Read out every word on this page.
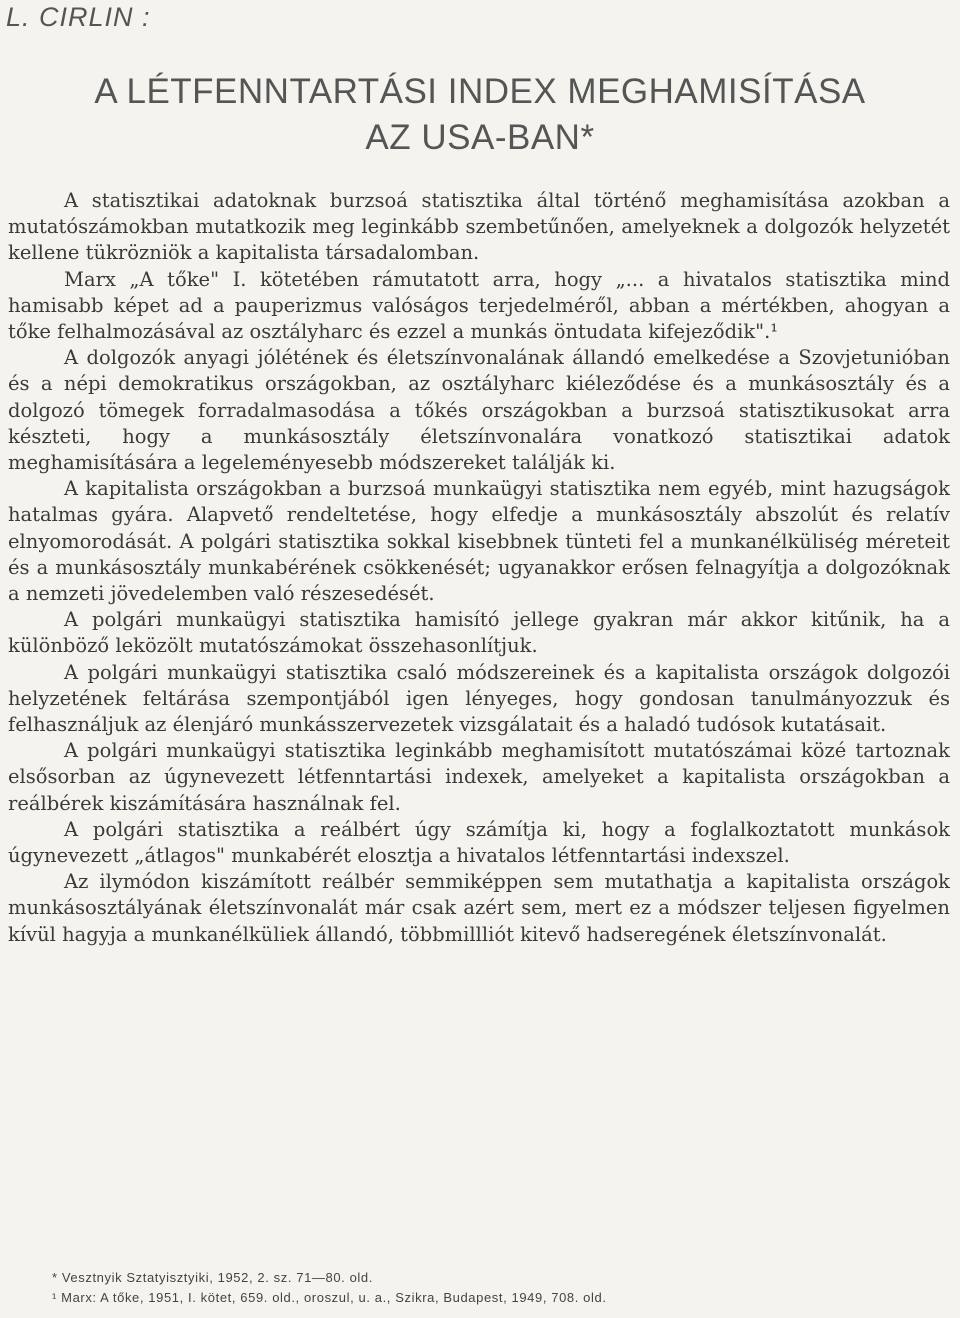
L. CIRLIN :
A LÉTFENNTARTÁSI INDEX MEGHAMISÍTÁSA
AZ USA-BAN*

A statisztikai adatoknak burzsoá statisztika által történő meghamisítása azokban a mutatószámokban mutatkozik meg leginkább szembetűnően, amelyeknek a dolgozók helyzetét kellene tükrözniök a kapitalista társadalomban.

Marx „A tőke" I. kötetében rámutatott arra, hogy „... a hivatalos statisztika mind hamisabb képet ad a pauperizmus valóságos terjedelméről, abban a mértékben, ahogyan a tőke felhalmozásával az osztályharc és ezzel a munkás öntudata kifejeződik".¹

A dolgozók anyagi jólétének és életszínvonalának állandó emelkedése a Szovjetunióban és a népi demokratikus országokban, az osztályharc kiéleződése és a munkásosztály és a dolgozó tömegek forradalmasodása a tőkés országokban a burzsoá statisztikusokat arra készteti, hogy a munkásosztály életszínvonalára vonatkozó statisztikai adatok meghamisítására a legeleményesebb módszereket találják ki.

A kapitalista országokban a burzsoá munkaügyi statisztika nem egyéb, mint hazugságok hatalmas gyára. Alapvető rendeltetése, hogy elfedje a munkásosztály abszolút és relatív elnyomorodását. A polgári statisztika sokkal kisebbnek tünteti fel a munkanélküliség méreteit és a munkásosztály munkabérének csökkenését; ugyanakkor erősen felnagyítja a dolgozóknak a nemzeti jövedelemben való részesedését.

A polgári munkaügyi statisztika hamisító jellege gyakran már akkor kitűnik, ha a különböző leközölt mutatószámokat összehasonlítjuk.

A polgári munkaügyi statisztika csaló módszereinek és a kapitalista országok dolgozói helyzetének feltárása szempontjából igen lényeges, hogy gondosan tanulmányozzuk és felhasználjuk az élenjáró munkásszervezetek vizsgálatait és a haladó tudósok kutatásait.

A polgári munkaügyi statisztika leginkább meghamisított mutatószámai közé tartoznak elsősorban az úgynevezett létfenntartási indexek, amelyeket a kapitalista országokban a reálbérek kiszámítására használnak fel.

A polgári statisztika a reálbért úgy számítja ki, hogy a foglalkoztatott munkások úgynevezett „átlagos" munkabérét elosztja a hivatalos létfenntartási indexszel.

Az ilymódon kiszámított reálbér semmiképpen sem mutathatja a kapitalista országok munkásosztályának életszínvonalát már csak azért sem, mert ez a módszer teljesen figyelmen kívül hagyja a munkanélküliek állandó, többmillliót kitevő hadseregének életszínvonalát.

* Vesztnyik Sztatyisztyiki, 1952, 2. sz. 71—80. old.
¹ Marx: A tőke, 1951, I. kötet, 659. old., oroszul, u. a., Szikra, Budapest, 1949, 708. old.
